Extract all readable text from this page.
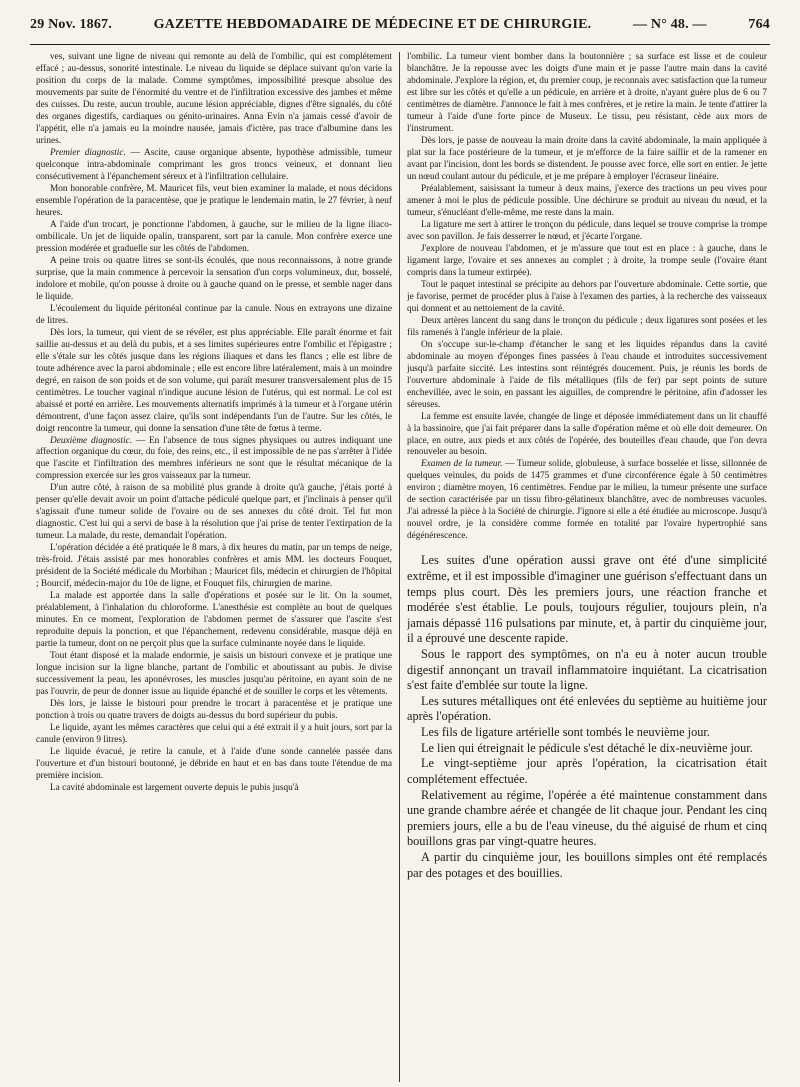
29 Nov. 1867.	GAZETTE HEBDOMADAIRE DE MÉDECINE ET DE CHIRURGIE.	— N° 48. —	764

ves, suivant une ligne de niveau qui remonte au delà de l'ombilic, qui est complétement effacé ; au-dessus, sonorité intestinale. Le niveau du liquide se déplace suivant qu'on varie la position du corps de la malade. Comme symptômes, impossibilité presque absolue des mouvements par suite de l'énormité du ventre et de l'infiltration excessive des jambes et même des cuisses. Du reste, aucun trouble, aucune lésion appréciable, dignes d'être signalés, du côté des organes digestifs, cardiaques ou génito-urinaires. Anna Evin n'a jamais cessé d'avoir de l'appétit, elle n'a jamais eu la moindre nausée, jamais d'ictère, pas trace d'albumine dans les urines.

Premier diagnostic. — Ascite, cause organique absente, hypothèse admissible, tumeur quelconque intra-abdominale comprimant les gros troncs veineux, et donnant lieu consécutivement à l'épanchement séreux et à l'infiltration cellulaire.

Mon honorable confrère, M. Mauricet fils, veut bien examiner la malade, et nous décidons ensemble l'opération de la paracentèse, que je pratique le lendemain matin, le 27 février, à neuf heures.

A l'aide d'un trocart, je ponctionne l'abdomen, à gauche, sur le milieu de la ligne iliaco-ombilicale. Un jet de liquide opalin, transparent, sort par la canule. Mon confrère exerce une pression modérée et graduelle sur les côtés de l'abdomen.

A peine trois ou quatre litres se sont-ils écoulés, que nous reconnaissons, à notre grande surprise, que la main commence à percevoir la sensation d'un corps volumineux, dur, bosselé, indolore et mobile, qu'on pousse à droite ou à gauche quand on le presse, et semble nager dans le liquide.

L'écoulement du liquide péritonéal continue par la canule. Nous en extrayons une dizaine de litres.

Dès lors, la tumeur, qui vient de se révéler, est plus appréciable. Elle paraît énorme et fait saillie au-dessus et au delà du pubis, et a ses limites supérieures entre l'ombilic et l'épigastre ; elle s'étale sur les côtés jusque dans les régions iliaques et dans les flancs ; elle est libre de toute adhérence avec la paroi abdominale ; elle est encore libre latéralement, mais à un moindre degré, en raison de son poids et de son volume, qui paraît mesurer transversalement plus de 15 centimètres. Le toucher vaginal n'indique aucune lésion de l'utérus, qui est normal. Le col est abaissé et porté en arrière. Les mouvements alternatifs imprimés à la tumeur et à l'organe utérin démontrent, d'une façon assez claire, qu'ils sont indépendants l'un de l'autre. Sur les côtés, le doigt rencontre la tumeur, qui donne la sensation d'une tête de fœtus à terme.

Deuxième diagnostic. — En l'absence de tous signes physiques ou autres indiquant une affection organique du cœur, du foie, des reins, etc., il est impossible de ne pas s'arrêter à l'idée que l'ascite et l'infiltration des membres inférieurs ne sont que le résultat mécanique de la compression exercée sur les gros vaisseaux par la tumeur.

D'un autre côté, à raison de sa mobilité plus grande à droite qu'à gauche, j'étais porté à penser qu'elle devait avoir un point d'attache pédiculé quelque part, et j'inclinais à penser qu'il s'agissait d'une tumeur solide de l'ovaire ou de ses annexes du côté droit. Tel fut mon diagnostic. C'est lui qui a servi de base à la résolution que j'ai prise de tenter l'extirpation de la tumeur. La malade, du reste, demandait l'opération.

L'opération décidée a été pratiquée le 8 mars, à dix heures du matin, par un temps de neige, très-froid. J'étais assisté par mes honorables confrères et amis MM. les docteurs Fouquet, président de la Société médicale du Morbihan ; Mauricet fils, médecin et chirurgien de l'hôpital ; Bourcif, médecin-major du 10e de ligne, et Fouquet fils, chirurgien de marine.

La malade est apportée dans la salle d'opérations et posée sur le lit. On la soumet, préalablement, à l'inhalation du chloroforme. L'anesthésie est complète au bout de quelques minutes. En ce moment, l'exploration de l'abdomen permet de s'assurer que l'ascite s'est reproduite depuis la ponction, et que l'épanchement, redevenu considérable, masque déjà en partie la tumeur, dont on ne perçoit plus que la surface culminante noyée dans le liquide.

Tout étant disposé et la malade endormie, je saisis un bistouri convexe et je pratique une longue incision sur la ligne blanche, partant de l'ombilic et aboutissant au pubis. Je divise successivement la peau, les aponévroses, les muscles jusqu'au péritoine, en ayant soin de ne pas l'ouvrir, de peur de donner issue au liquide épanché et de souiller le corps et les vêtements.

Dès lors, je laisse le bistouri pour prendre le trocart à paracentèse et je pratique une ponction à trois ou quatre travers de doigts au-dessus du bord supérieur du pubis.

Le liquide, ayant les mêmes caractères que celui qui a été extrait il y a huit jours, sort par la canule (environ 9 litres).

Le liquide évacué, je retire la canule, et à l'aide d'une sonde cannelée passée dans l'ouverture et d'un bistouri boutonné, je débride en haut et en bas dans toute l'étendue de ma première incision.

La cavité abdominale est largement ouverte depuis le pubis jusqu'à

l'ombilic. La tumeur vient bomber dans la boutonnière ; sa surface est lisse et de couleur blanchâtre. Je la repousse avec les doigts d'une main et je passe l'autre main dans la cavité abdominale. J'explore la région, et, du premier coup, je reconnais avec satisfaction que la tumeur est libre sur les côtés et qu'elle a un pédicule, en arrière et à droite, n'ayant guère plus de 6 ou 7 centimètres de diamètre. J'annonce le fait à mes confrères, et je retire la main. Je tente d'attirer la tumeur à l'aide d'une forte pince de Museux. Le tissu, peu résistant, cède aux mors de l'instrument.

Dès lors, je passe de nouveau la main droite dans la cavité abdominale, la main appliquée à plat sur la face postérieure de la tumeur, et je m'efforce de la faire saillir et de la ramener en avant par l'incision, dont les bords se distendent. Je pousse avec force, elle sort en entier. Je jette un nœud coulant autour du pédicule, et je me prépare à employer l'écraseur linéaire.

Préalablement, saisissant la tumeur à deux mains, j'exerce des tractions un peu vives pour amener à moi le plus de pédicule possible. Une déchirure se produit au niveau du nœud, et la tumeur, s'énucléant d'elle-même, me reste dans la main.

La ligature me sert à attirer le tronçon du pédicule, dans lequel se trouve comprise la trompe avec son pavillon. Je fais desserrer le nœud, et j'écarte l'organe.

J'explore de nouveau l'abdomen, et je m'assure que tout est en place : à gauche, dans le ligament large, l'ovaire et ses annexes au complet ; à droite, la trompe seule (l'ovaire étant compris dans la tumeur extirpée).

Tout le paquet intestinal se précipite au dehors par l'ouverture abdominale. Cette sortie, que je favorise, permet de procéder plus à l'aise à l'examen des parties, à la recherche des vaisseaux qui donnent et au nettoiement de la cavité.

Deux artères lancent du sang dans le tronçon du pédicule ; deux ligatures sont posées et les fils ramenés à l'angle inférieur de la plaie.

On s'occupe sur-le-champ d'étancher le sang et les liquides répandus dans la cavité abdominale au moyen d'éponges fines passées à l'eau chaude et introduites successivement jusqu'à parfaite siccité. Les intestins sont réintégrés doucement. Puis, je réunis les bords de l'ouverture abdominale à l'aide de fils métalliques (fils de fer) par sept points de suture enchevillée, avec le soin, en passant les aiguilles, de comprendre le péritoine, afin d'adosser les séreuses.

La femme est ensuite lavée, changée de linge et déposée immédiatement dans un lit chauffé à la bassinoire, que j'ai fait préparer dans la salle d'opération même et où elle doit demeurer. On place, en outre, aux pieds et aux côtés de l'opérée, des bouteilles d'eau chaude, que l'on devra renouveler au besoin.

Examen de la tumeur. — Tumeur solide, globuleuse, à surface bosselée et lisse, sillonnée de quelques veinules, du poids de 1475 grammes et d'une circonférence égale à 50 centimètres environ ; diamètre moyen, 16 centimètres. Fendue par le milieu, la tumeur présente une surface de section caractérisée par un tissu fibro-gélatineux blanchâtre, avec de nombreuses vacuoles. J'ai adressé la pièce à la Société de chirurgie. J'ignore si elle a été étudiée au microscope. Jusqu'à nouvel ordre, je la considère comme formée en totalité par l'ovaire hypertrophié sans dégénérescence.

Les suites d'une opération aussi grave ont été d'une simplicité extrême, et il est impossible d'imaginer une guérison s'effectuant dans un temps plus court. Dès les premiers jours, une réaction franche et modérée s'est établie. Le pouls, toujours régulier, toujours plein, n'a jamais dépassé 116 pulsations par minute, et, à partir du cinquième jour, il a éprouvé une descente rapide.

Sous le rapport des symptômes, on n'a eu à noter aucun trouble digestif annonçant un travail inflammatoire inquiétant. La cicatrisation s'est faite d'emblée sur toute la ligne.

Les sutures métalliques ont été enlevées du septième au huitième jour après l'opération.

Les fils de ligature artérielle sont tombés le neuvième jour.

Le lien qui étreignait le pédicule s'est détaché le dix-neuvième jour.

Le vingt-septième jour après l'opération, la cicatrisation était complétement effectuée.

Relativement au régime, l'opérée a été maintenue constamment dans une grande chambre aérée et changée de lit chaque jour. Pendant les cinq premiers jours, elle a bu de l'eau vineuse, du thé aiguisé de rhum et cinq bouillons gras par vingt-quatre heures.

A partir du cinquième jour, les bouillons simples ont été remplacés par des potages et des bouillies.
